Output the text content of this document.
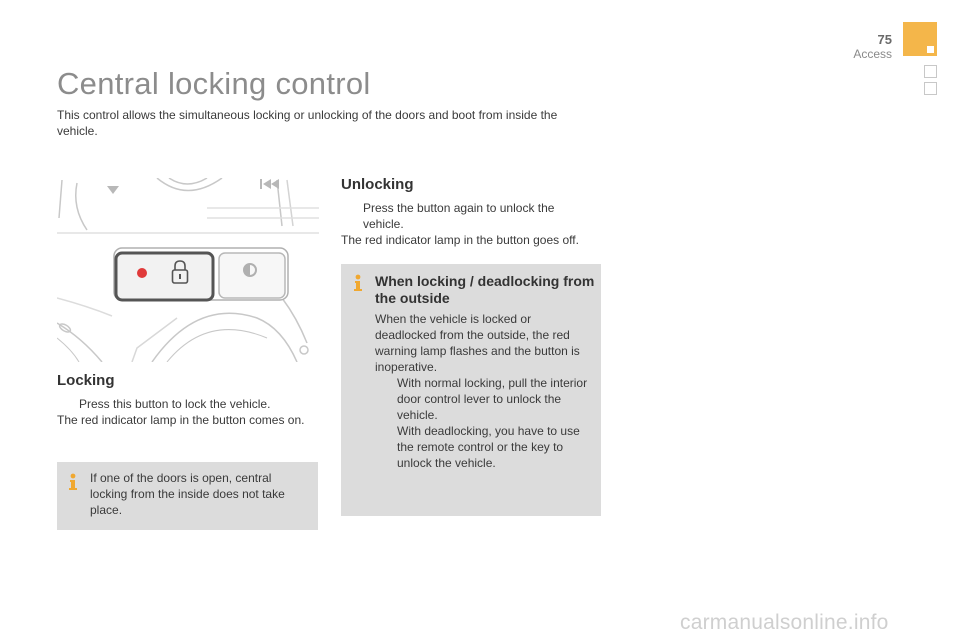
75
Access
Central locking control
This control allows the simultaneous locking or unlocking of the doors and boot from inside the vehicle.
Locking
Press this button to lock the vehicle.
The red indicator lamp in the button comes on.
If one of the doors is open, central locking from the inside does not take place.
Unlocking
Press the button again to unlock the vehicle.
The red indicator lamp in the button goes off.
When locking / deadlocking from the outside
When the vehicle is locked or deadlocked from the outside, the red warning lamp flashes and the button is inoperative.
With normal locking, pull the interior door control lever to unlock the vehicle.
With deadlocking, you have to use the remote control or the key to unlock the vehicle.
carmanualsonline.info
